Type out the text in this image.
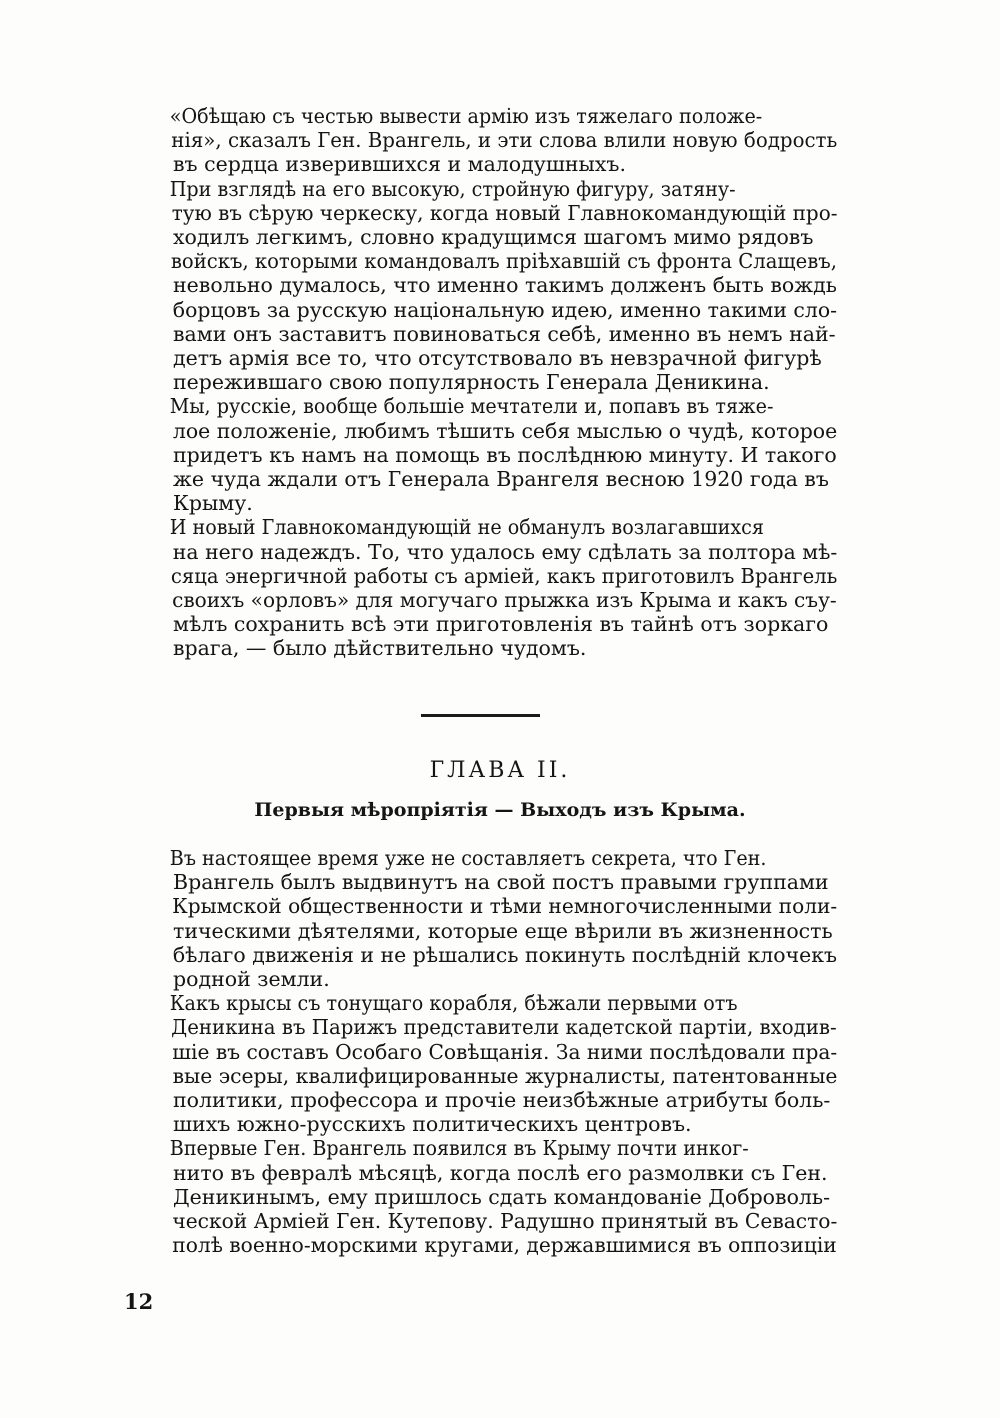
«Обѣщаю съ честью вывести армію изъ тяжелаго положе-
нія», сказалъ Ген. Врангель, и эти слова влили новую бодрость
въ сердца изверившихся и малодушныхъ.

При взглядѣ на его высокую, стройную фигуру, затяну-
тую въ сѣрую черкеску, когда новый Главнокомандующій про-
ходилъ легкимъ, словно крадущимся шагомъ мимо рядовъ
войскъ, которыми командовалъ пріѣхавшій съ фронта Слащевъ,
невольно думалось, что именно такимъ долженъ быть вождь
борцовъ за русскую національную идею, именно такими сло-
вами онъ заставитъ повиноваться себѣ, именно въ немъ най-
детъ армія все то, что отсутствовало въ невзрачной фигурѣ
пережившаго свою популярность Генерала Деникина.

Мы, русскіе, вообще большіе мечтатели и, попавъ въ тяже-
лое положеніе, любимъ тѣшить себя мыслью о чудѣ, которое
придетъ къ намъ на помощь въ послѣднюю минуту. И такого
же чуда ждали отъ Генерала Врангеля весною 1920 года въ
Крыму.

И новый Главнокомандующій не обманулъ возлагавшихся
на него надеждъ. То, что удалось ему сдѣлать за полтора мѣ-
сяца энергичной работы съ арміей, какъ приготовилъ Врангель
своихъ «орловъ» для могучаго прыжка изъ Крыма и какъ съу-
мѣлъ сохранить всѣ эти приготовленія въ тайнѣ отъ зоркаго
врага, — было дѣйствительно чудомъ.

ГЛАВА II.
Первыя мѣропріятія — Выходъ изъ Крыма.

Въ настоящее время уже не составляетъ секрета, что Ген.
Врангель былъ выдвинутъ на свой постъ правыми группами
Крымской общественности и тѣми немногочисленными поли-
тическими дѣятелями, которые еще вѣрили въ жизненность
бѣлаго движенія и не рѣшались покинуть послѣдній клочекъ
родной земли.

Какъ крысы съ тонущаго корабля, бѣжали первыми отъ
Деникина въ Парижъ представители кадетской партіи, входив-
шіе въ составъ Особаго Совѣщанія. За ними послѣдовали пра-
вые эсеры, квалифицированные журналисты, патентованные
политики, профессора и прочіе неизбѣжные атрибуты боль-
шихъ южно-русскихъ политическихъ центровъ.

Впервые Ген. Врангель появился въ Крыму почти инког-
нито въ февралѣ мѣсяцѣ, когда послѣ его размолвки съ Ген.
Деникинымъ, ему пришлось сдать командованіе Доброволь-
ческой Арміей Ген. Кутепову. Радушно принятый въ Севасто-
полѣ военно-морскими кругами, державшимися въ оппозиціи

12
